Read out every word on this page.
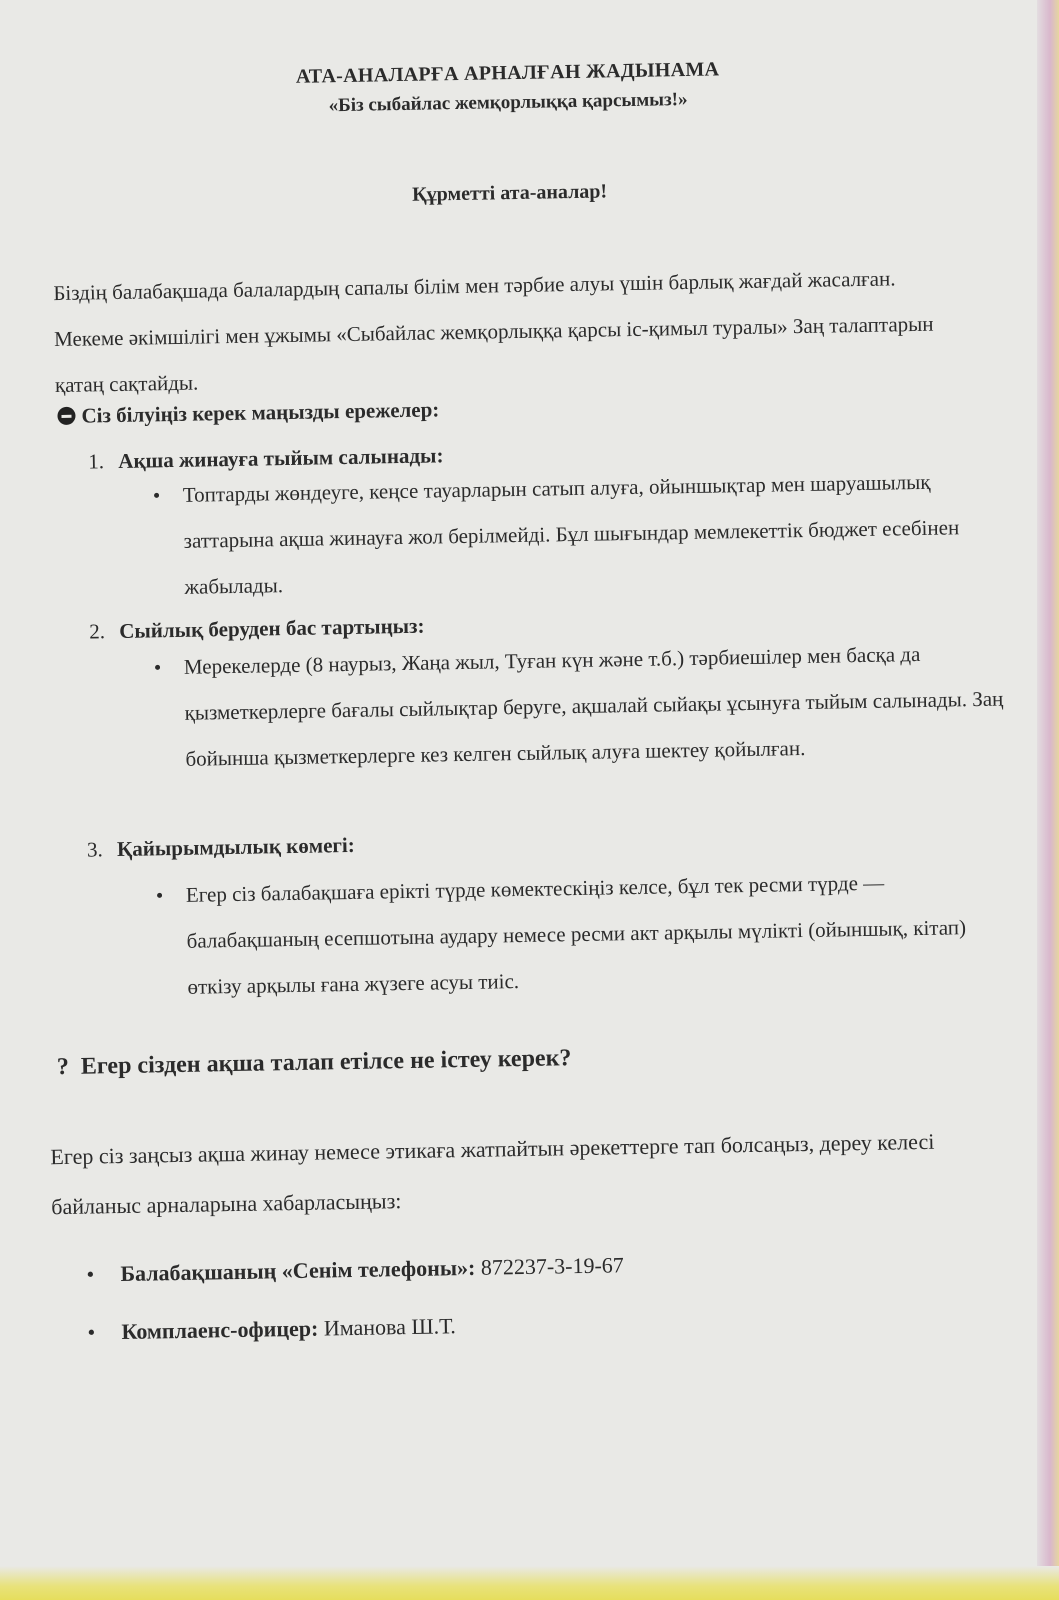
АТА-АНАЛАРҒА АРНАЛҒАН ЖАДЫНАМА
«Біз сыбайлас жемқорлыққа қарсымыз!»
Құрметті ата-аналар!
Біздің балабақшада балалардың сапалы білім мен тәрбие алуы үшін барлық жағдай жасалған. Мекеме әкімшілігі мен ұжымы «Сыбайлас жемқорлыққа қарсы іс-қимыл туралы» Заң талаптарын қатаң сақтайды.
Сіз білуіңіз керек маңызды ережелер:
1. Ақша жинауға тыйым салынады:
• Топтарды жөндеуге, кеңсе тауарларын сатып алуға, ойыншықтар мен шаруашылық заттарына ақша жинауға жол берілмейді. Бұл шығындар мемлекеттік бюджет есебінен жабылады.
2. Сыйлық беруден бас тартыңыз:
• Мерекелерде (8 наурыз, Жаңа жыл, Туған күн және т.б.) тәрбиешілер мен басқа да қызметкерлерге бағалы сыйлықтар беруге, ақшалай сыйақы ұсынуға тыйым салынады. Заң бойынша қызметкерлерге кез келген сыйлық алуға шектеу қойылған.
3. Қайырымдылық көмегі:
• Егер сіз балабақшаға ерікті түрде көмектескіңіз келсе, бұл тек ресми түрде — балабақшаның есепшотына аудару немесе ресми акт арқылы мүлікті (ойыншық, кітап) өткізу арқылы ғана жүзеге асуы тиіс.
? Егер сізден ақша талап етілсе не істеу керек?
Егер сіз заңсыз ақша жинау немесе этикаға жатпайтын әрекеттерге тап болсаңыз, дереу келесі байланыс арналарына хабарласыңыз:
• Балабақшаның «Сенім телефоны»: 872237-3-19-67
• Комплаенс-офицер: Иманова Ш.Т.
